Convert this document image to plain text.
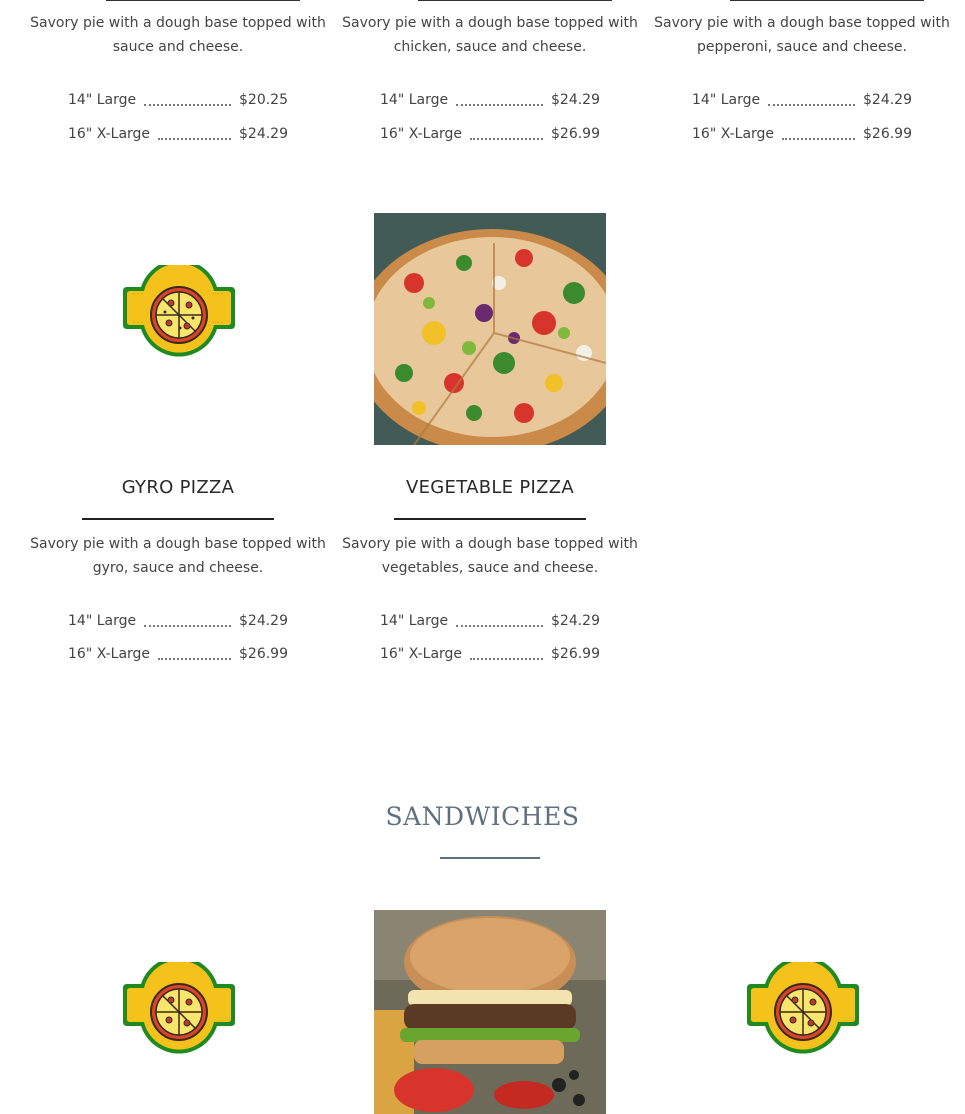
Savory pie with a dough base topped with sauce and cheese.
14" Large	$20.25
16" X-Large	$24.29
Savory pie with a dough base topped with chicken, sauce and cheese.
14" Large	$24.29
16" X-Large	$26.99
Savory pie with a dough base topped with pepperoni, sauce and cheese.
14" Large	$24.29
16" X-Large	$26.99
GYRO PIZZA
Savory pie with a dough base topped with gyro, sauce and cheese.
14" Large	$24.29
16" X-Large	$26.99
VEGETABLE PIZZA
Savory pie with a dough base topped with vegetables, sauce and cheese.
14" Large	$24.29
16" X-Large	$26.99
SANDWICHES
